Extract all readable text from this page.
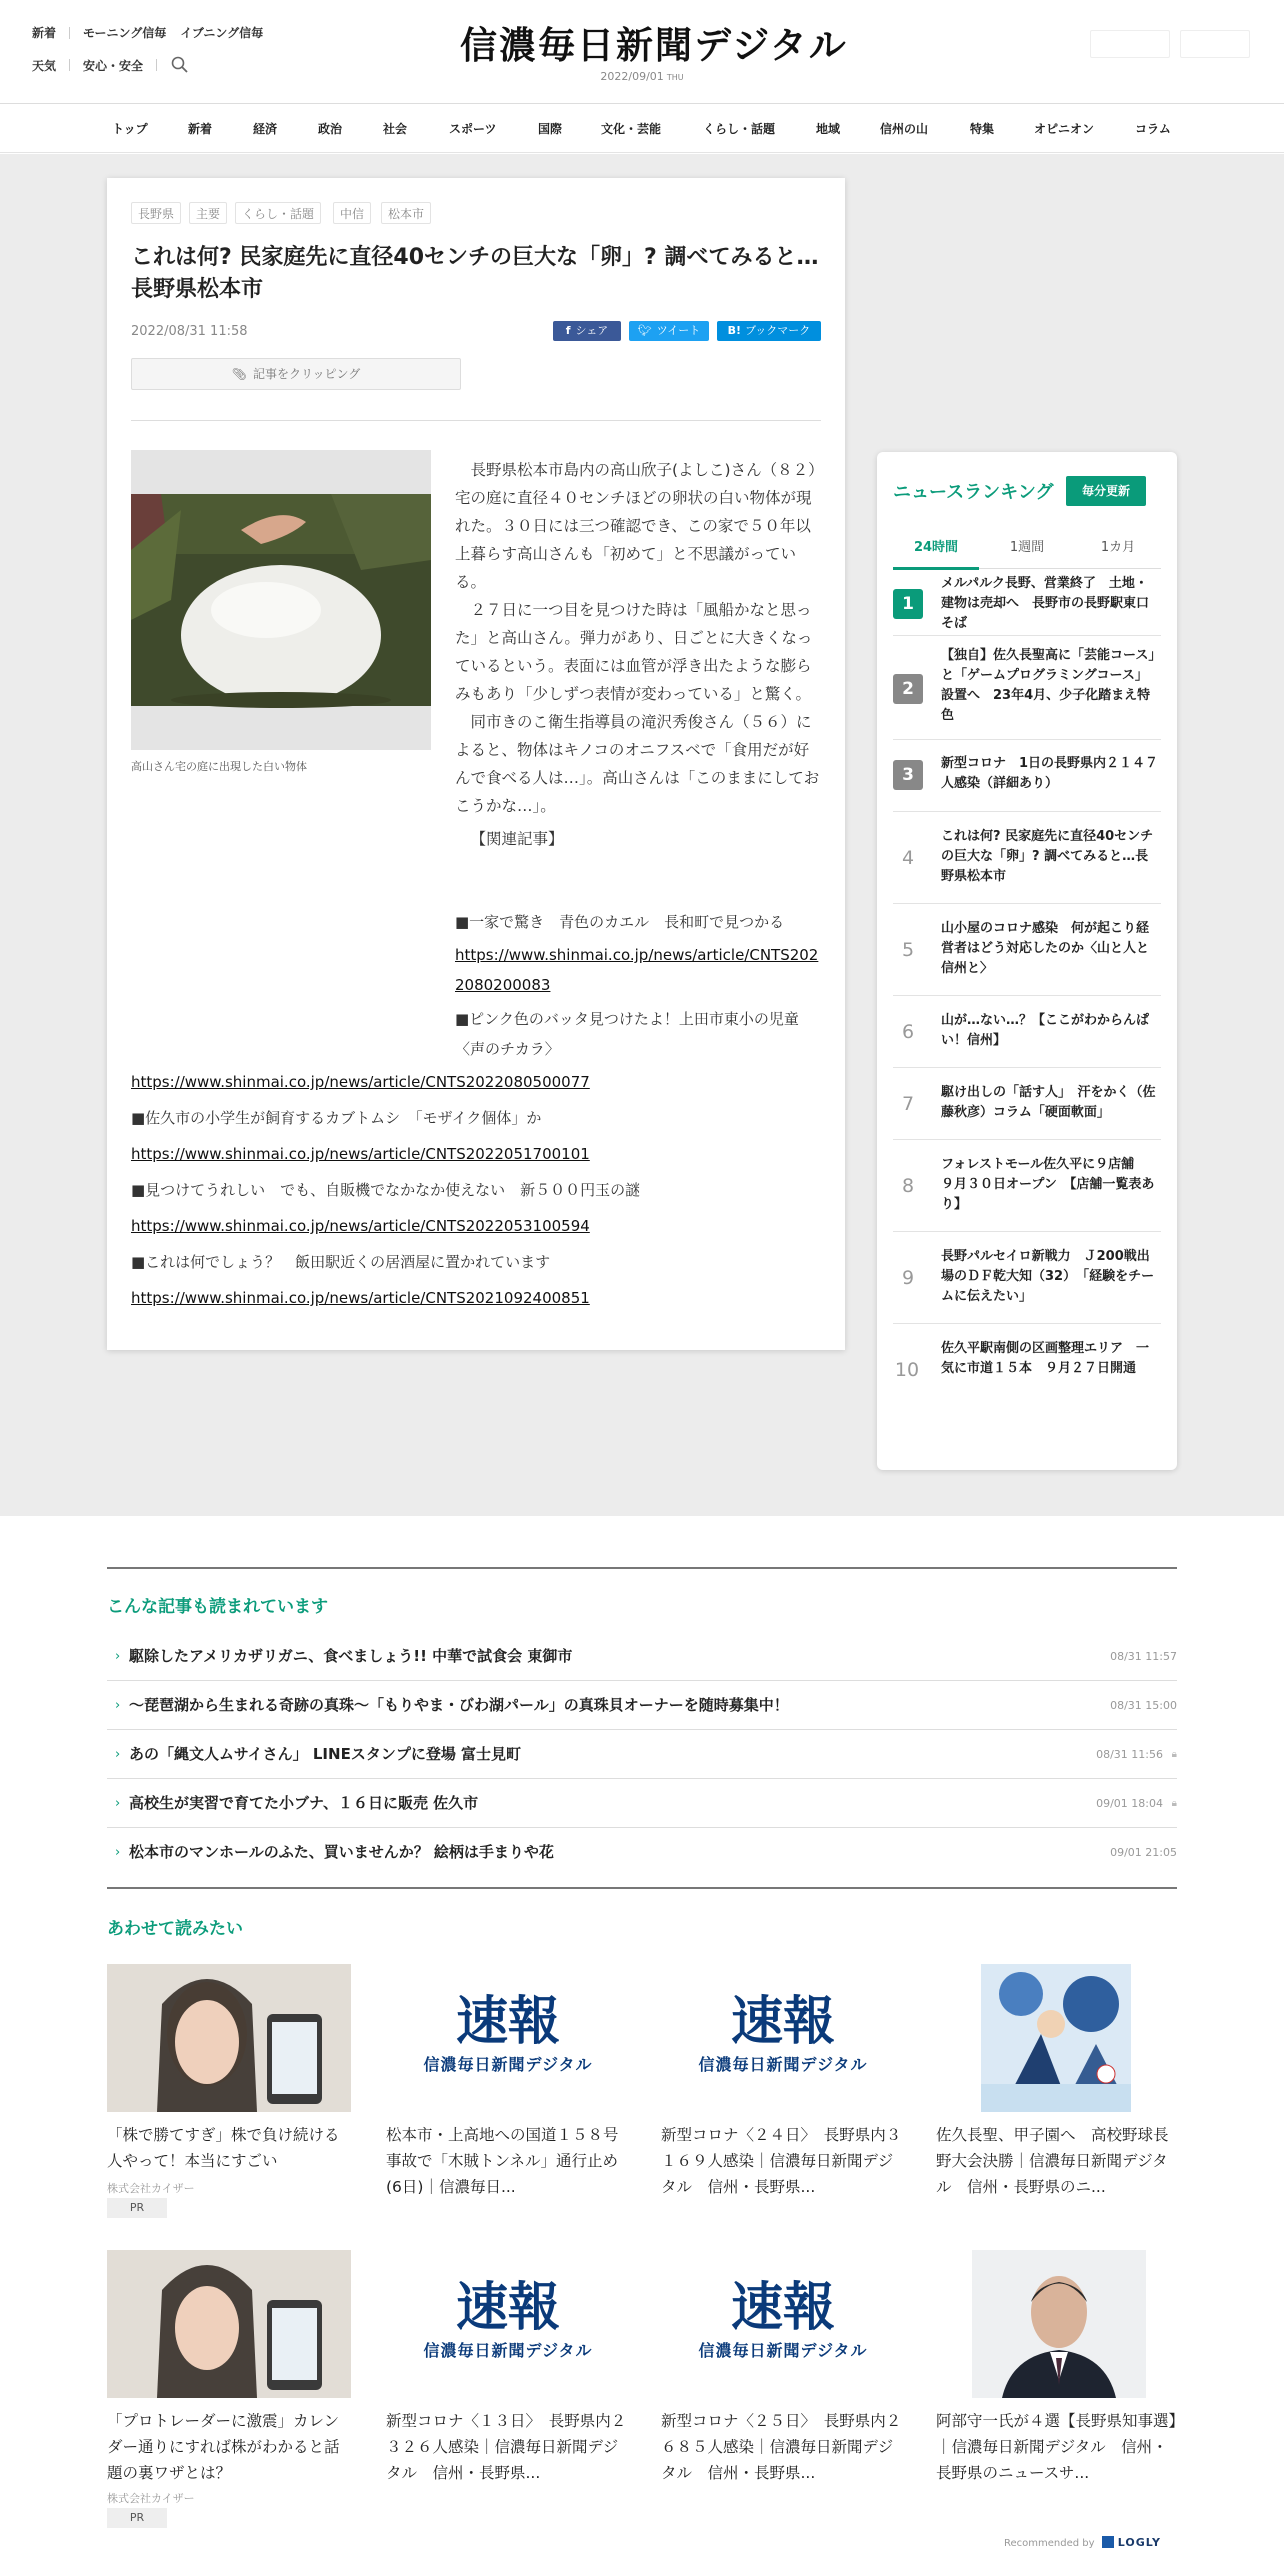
新着 モーニング信毎 イブニング信毎
天気 安心・安全	信濃毎日新聞デジタル
2022/09/01 THU
トップ	新着	経済	政治	社会	スポーツ	国際	文化・芸能	くらし・話題	地域	信州の山	特集	オピニオン	コラム
長野県	主要	くらし・話題	中信	松本市
これは何? 民家庭先に直径40センチの巨大な「卵」? 調べてみると…長野県松本市
2022/08/31 11:58	f シェア	🐦︎ ツイート	B! ブックマーク
📎︎ 記事をクリッピング
高山さん宅の庭に出現した白い物体

長野県松本市島内の高山欣子(よしこ)さん（８２）宅の庭に直径４０センチほどの卵状の白い物体が現れた。３０日には三つ確認でき、この家で５０年以上暮らす高山さんも「初めて」と不思議がっている。

２７日に一つ目を見つけた時は「風船かなと思った」と高山さん。弾力があり、日ごとに大きくなっているという。表面には血管が浮き出たような膨らみもあり「少しずつ表情が変わっている」と驚く。

同市きのこ衛生指導員の滝沢秀俊さん（５６）によると、物体はキノコのオニフスベで「食用だが好んで食べる人は…」。高山さんは「このままにしておこうかな…」。

【関連記事】

■一家で驚き　青色のカエル　長和町で見つかる
https://www.shinmai.co.jp/news/article/CNTS2022080200083
■ピンク色のバッタ見つけたよ！上田市東小の児童〈声のチカラ〉
https://www.shinmai.co.jp/news/article/CNTS2022080500077
■佐久市の小学生が飼育するカブトムシ　「モザイク個体」か
https://www.shinmai.co.jp/news/article/CNTS2022051700101
■見つけてうれしい　でも、自販機でなかなか使えない　新５００円玉の謎
https://www.shinmai.co.jp/news/article/CNTS2022053100594
■これは何でしょう？　飯田駅近くの居酒屋に置かれています
https://www.shinmai.co.jp/news/article/CNTS2021092400851
ニュースランキング	毎分更新
24時間	1週間	1カ月
1
メルパルク長野、営業終了　土地・建物は売却へ　長野市の長野駅東口そば
2
【独自】佐久長聖高に「芸能コース」と「ゲームプログラミングコース」設置へ　23年4月、少子化踏まえ特色
3
新型コロナ　1日の長野県内２１４７人感染（詳細あり）
4
これは何? 民家庭先に直径40センチの巨大な「卵」? 調べてみると…長野県松本市
5
山小屋のコロナ感染　何が起こり経営者はどう対応したのか〈山と人と信州と〉
6
山が…ない…？【ここがわからんぱい！信州】
7
駆け出しの「話す人」　汗をかく（佐藤秋彦）コラム「硬面軟面」
8
フォレストモール佐久平に９店舗　９月３０日オープン　【店舗一覧表あり】
9
長野パルセイロ新戦力　Ｊ200戦出場のＤＦ乾大知（32）　「経験をチームに伝えたい」
10
佐久平駅南側の区画整理エリア　一気に市道１５本　９月２７日開通
こんな記事も読まれています
› 駆除したアメリカザリガニ、食べましょう!! 中華で試食会 東御市	08/31 11:57
› ～琵琶湖から生まれる奇跡の真珠～「もりやま・びわ湖パール」の真珠貝オーナーを随時募集中！	08/31 15:00
› あの「縄文人ムサイさん」 LINEスタンプに登場 富士見町	08/31 11:56 🔒︎
› 高校生が実習で育てた小ブナ、１６日に販売 佐久市	09/01 18:04 🔒︎
› 松本市のマンホールのふた、買いませんか？ 絵柄は手まりや花	09/01 21:05
あわせて読みたい
「株で勝てすぎ」株で負け続ける人やって！本当にすごい
株式会社カイザー
PR
速報
信濃毎日新聞デジタル
松本市・上高地への国道１５８号　事故で「木賊トンネル」通行止め(6日)｜信濃毎日...
速報
信濃毎日新聞デジタル
新型コロナ〈２４日〉　長野県内３１６９人感染｜信濃毎日新聞デジタル　信州・長野県...
佐久長聖、甲子園へ　高校野球長野大会決勝｜信濃毎日新聞デジタル　信州・長野県のニ...
「プロトレーダーに激震」カレンダー通りにすれば株がわかると話題の裏ワザとは？
株式会社カイザー
PR
速報
信濃毎日新聞デジタル
新型コロナ〈１３日〉　長野県内２３２６人感染｜信濃毎日新聞デジタル　信州・長野県...
速報
信濃毎日新聞デジタル
新型コロナ〈２５日〉　長野県内２６８５人感染｜信濃毎日新聞デジタル　信州・長野県...
阿部守一氏が４選【長野県知事選】｜信濃毎日新聞デジタル　信州・長野県のニュースサ...
Recommended by LOGLY
